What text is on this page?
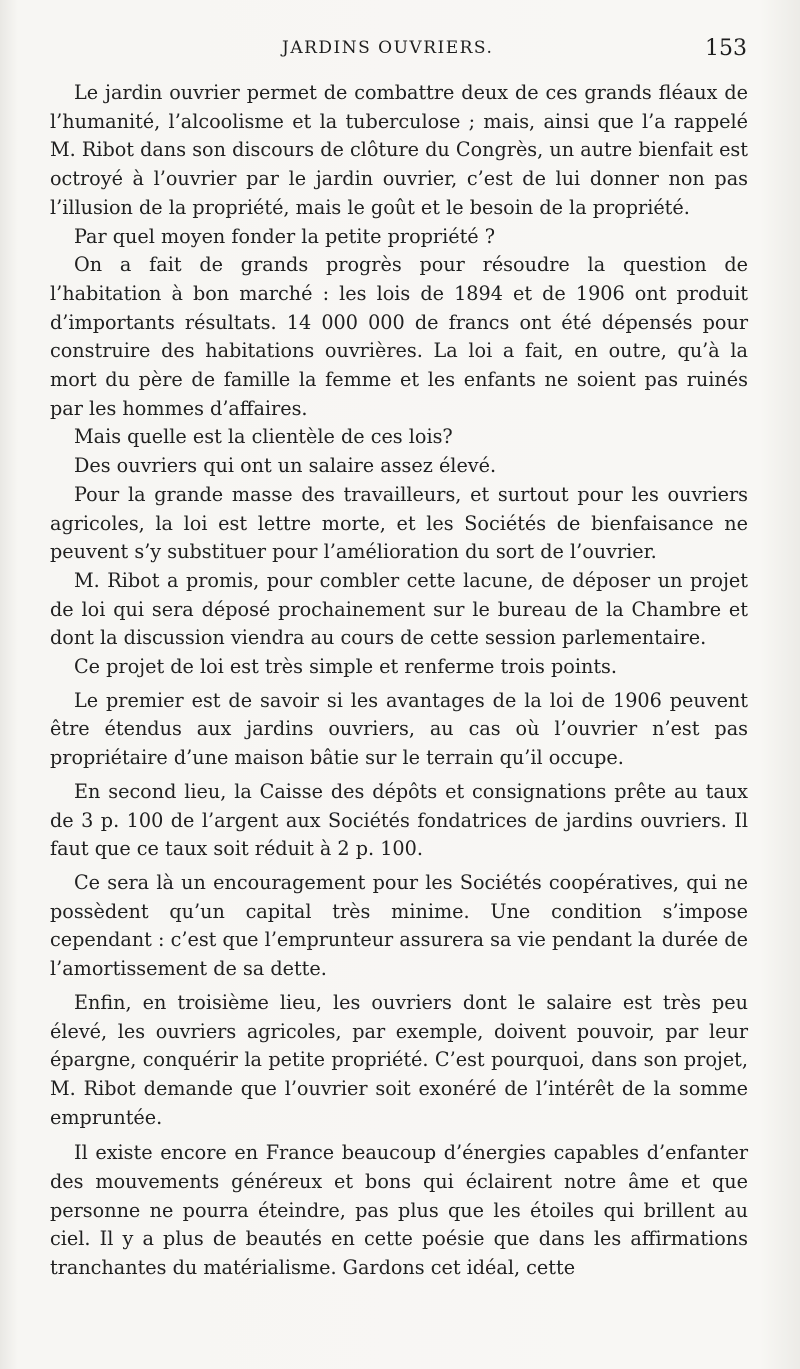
JARDINS OUVRIERS.	153

Le jardin ouvrier permet de combattre deux de ces grands fléaux de l’humanité, l’alcoolisme et la tuberculose ; mais, ainsi que l’a rappelé M. Ribot dans son discours de clôture du Congrès, un autre bienfait est octroyé à l’ouvrier par le jardin ouvrier, c’est de lui donner non pas l’illusion de la propriété, mais le goût et le besoin de la propriété.

Par quel moyen fonder la petite propriété ?

On a fait de grands progrès pour résoudre la question de l’habitation à bon marché : les lois de 1894 et de 1906 ont produit d’importants résultats. 14 000 000 de francs ont été dépensés pour construire des habitations ouvrières. La loi a fait, en outre, qu’à la mort du père de famille la femme et les enfants ne soient pas ruinés par les hommes d’affaires.

Mais quelle est la clientèle de ces lois?

Des ouvriers qui ont un salaire assez élevé.

Pour la grande masse des travailleurs, et surtout pour les ouvriers agricoles, la loi est lettre morte, et les Sociétés de bienfaisance ne peuvent s’y substituer pour l’amélioration du sort de l’ouvrier.

M. Ribot a promis, pour combler cette lacune, de déposer un projet de loi qui sera déposé prochainement sur le bureau de la Chambre et dont la discussion viendra au cours de cette session parlementaire.

Ce projet de loi est très simple et renferme trois points.

Le premier est de savoir si les avantages de la loi de 1906 peuvent être étendus aux jardins ouvriers, au cas où l’ouvrier n’est pas propriétaire d’une maison bâtie sur le terrain qu’il occupe.

En second lieu, la Caisse des dépôts et consignations prête au taux de 3 p. 100 de l’argent aux Sociétés fondatrices de jardins ouvriers. Il faut que ce taux soit réduit à 2 p. 100.

Ce sera là un encouragement pour les Sociétés coopératives, qui ne possèdent qu’un capital très minime. Une condition s’impose cependant : c’est que l’emprunteur assurera sa vie pendant la durée de l’amortissement de sa dette.

Enfin, en troisième lieu, les ouvriers dont le salaire est très peu élevé, les ouvriers agricoles, par exemple, doivent pouvoir, par leur épargne, conquérir la petite propriété. C’est pourquoi, dans son projet, M. Ribot demande que l’ouvrier soit exonéré de l’intérêt de la somme empruntée.

Il existe encore en France beaucoup d’énergies capables d’enfanter des mouvements généreux et bons qui éclairent notre âme et que personne ne pourra éteindre, pas plus que les étoiles qui brillent au ciel. Il y a plus de beautés en cette poésie que dans les affirmations tranchantes du matérialisme. Gardons cet idéal, cette
